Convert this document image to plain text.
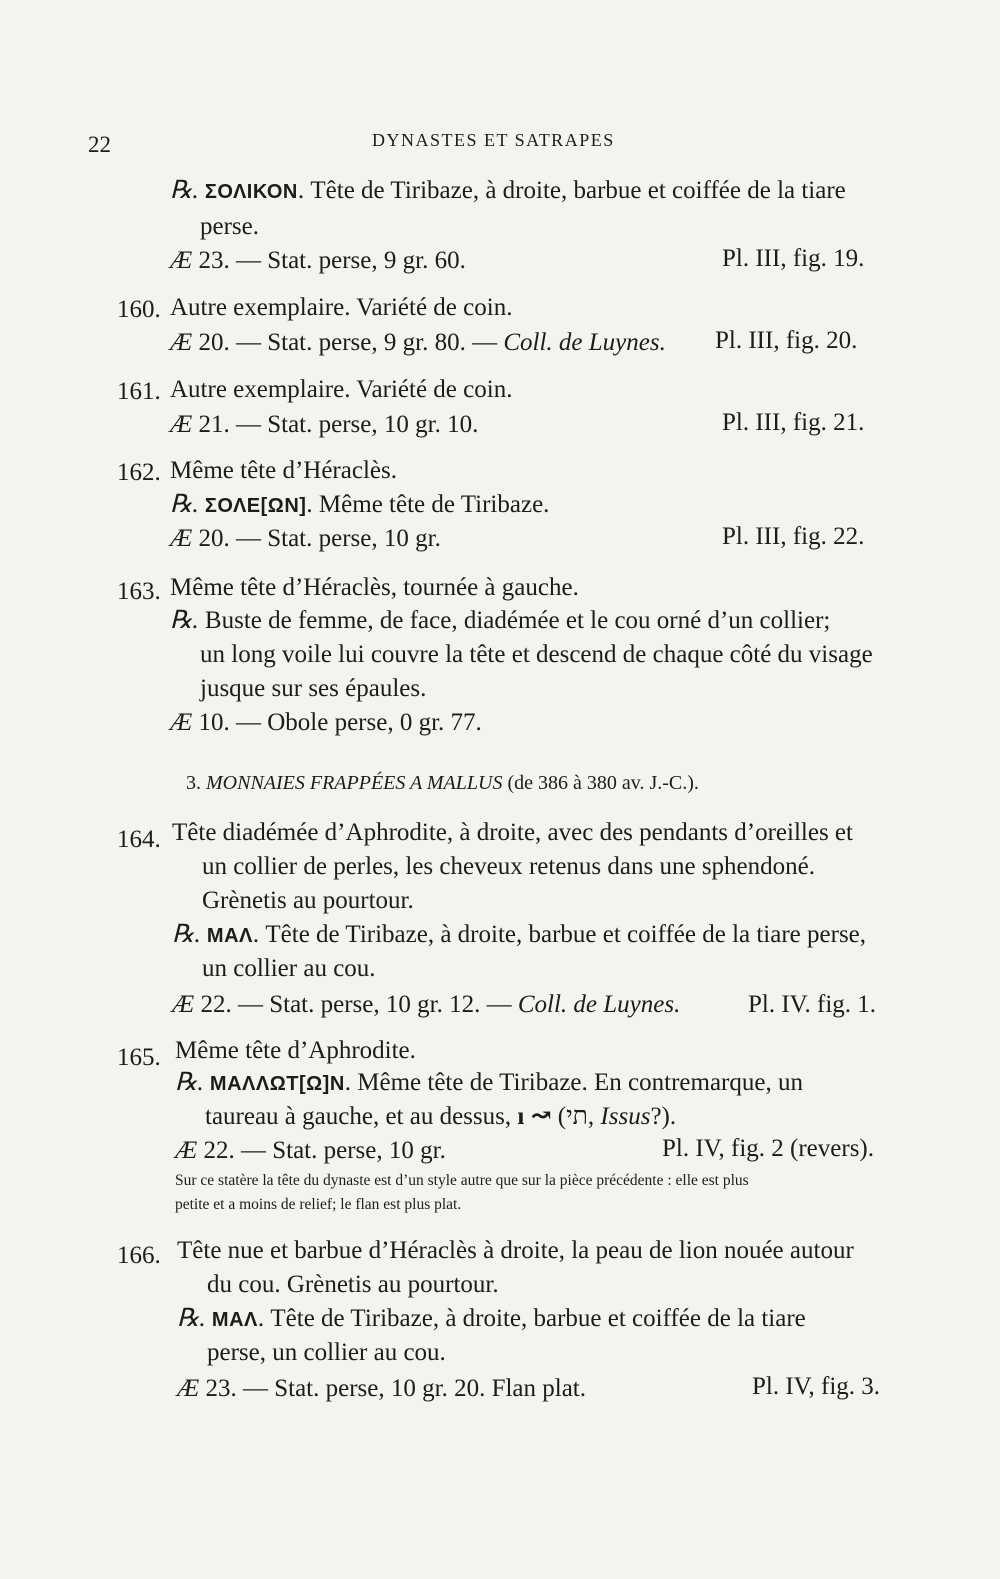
22	DYNASTES ET SATRAPES
℞. ΣΟΛΙΚΟΝ. Tête de Tiribaze, à droite, barbue et coiffée de la tiare
perse.
Æ 23. — Stat. perse, 9 gr. 60.	Pl. III, fig. 19.
160. Autre exemplaire. Variété de coin.
Æ 20. — Stat. perse, 9 gr. 80. — Coll. de Luynes. Pl. III, fig. 20.
161. Autre exemplaire. Variété de coin.
Æ 21. — Stat. perse, 10 gr. 10.	Pl. III, fig. 21.
162. Même tête d’Héraclès.
℞. ΣΟΛΕ[ΩΝ]. Même tête de Tiribaze.
Æ 20. — Stat. perse, 10 gr.	Pl. III, fig. 22.
163. Même tête d’Héraclès, tournée à gauche.
℞. Buste de femme, de face, diadémée et le cou orné d’un collier;
un long voile lui couvre la tête et descend de chaque côté du visage
jusque sur ses épaules.
Æ 10. — Obole perse, 0 gr. 77.
3. MONNAIES FRAPPÉES A MALLUS (de 386 à 380 av. J.-C.).
164. Tête diadémée d’Aphrodite, à droite, avec des pendants d’oreilles et
un collier de perles, les cheveux retenus dans une sphendoné.
Grènetis au pourtour.
℞. ΜΑΛ. Tête de Tiribaze, à droite, barbue et coiffée de la tiare perse,
un collier au cou.
Æ 22. — Stat. perse, 10 gr. 12. — Coll. de Luynes.	Pl. IV. fig. 1.
165. Même tête d’Aphrodite.
℞. ΜΑΛΛΩΤ[Ω]Ν. Même tête de Tiribaze. En contremarque, un
taureau à gauche, et au dessus, ı ↝ (תי, Issus?).
Æ 22. — Stat. perse, 10 gr.	Pl. IV, fig. 2 (revers).
Sur ce statère la tête du dynaste est d’un style autre que sur la pièce précédente : elle est plus
petite et a moins de relief; le flan est plus plat.
166. Tête nue et barbue d’Héraclès à droite, la peau de lion nouée autour
du cou. Grènetis au pourtour.
℞. ΜΑΛ. Tête de Tiribaze, à droite, barbue et coiffée de la tiare
perse, un collier au cou.
Æ 23. — Stat. perse, 10 gr. 20. Flan plat.	Pl. IV, fig. 3.
